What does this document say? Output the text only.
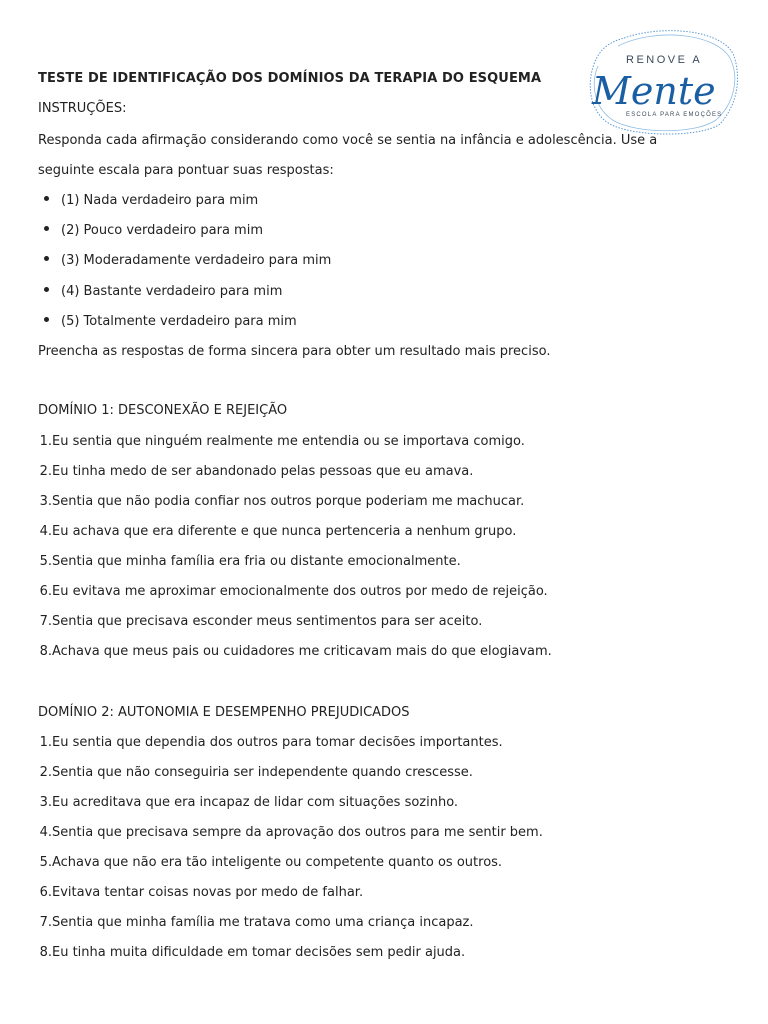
RENOVE A
Mente
ESCOLA PARA EMOÇÕES
TESTE DE IDENTIFICAÇÃO DOS DOMÍNIOS DA TERAPIA DO ESQUEMA
INSTRUÇÕES:
Responda cada afirmação considerando como você se sentia na infância e adolescência. Use a
seguinte escala para pontuar suas respostas:
(1) Nada verdadeiro para mim
(2) Pouco verdadeiro para mim
(3) Moderadamente verdadeiro para mim
(4) Bastante verdadeiro para mim
(5) Totalmente verdadeiro para mim
Preencha as respostas de forma sincera para obter um resultado mais preciso.
DOMÍNIO 1: DESCONEXÃO E REJEIÇÃO
1.Eu sentia que ninguém realmente me entendia ou se importava comigo.
2.Eu tinha medo de ser abandonado pelas pessoas que eu amava.
3.Sentia que não podia confiar nos outros porque poderiam me machucar.
4.Eu achava que era diferente e que nunca pertenceria a nenhum grupo.
5.Sentia que minha família era fria ou distante emocionalmente.
6.Eu evitava me aproximar emocionalmente dos outros por medo de rejeição.
7.Sentia que precisava esconder meus sentimentos para ser aceito.
8.Achava que meus pais ou cuidadores me criticavam mais do que elogiavam.
DOMÍNIO 2: AUTONOMIA E DESEMPENHO PREJUDICADOS
1.Eu sentia que dependia dos outros para tomar decisões importantes.
2.Sentia que não conseguiria ser independente quando crescesse.
3.Eu acreditava que era incapaz de lidar com situações sozinho.
4.Sentia que precisava sempre da aprovação dos outros para me sentir bem.
5.Achava que não era tão inteligente ou competente quanto os outros.
6.Evitava tentar coisas novas por medo de falhar.
7.Sentia que minha família me tratava como uma criança incapaz.
8.Eu tinha muita dificuldade em tomar decisões sem pedir ajuda.
